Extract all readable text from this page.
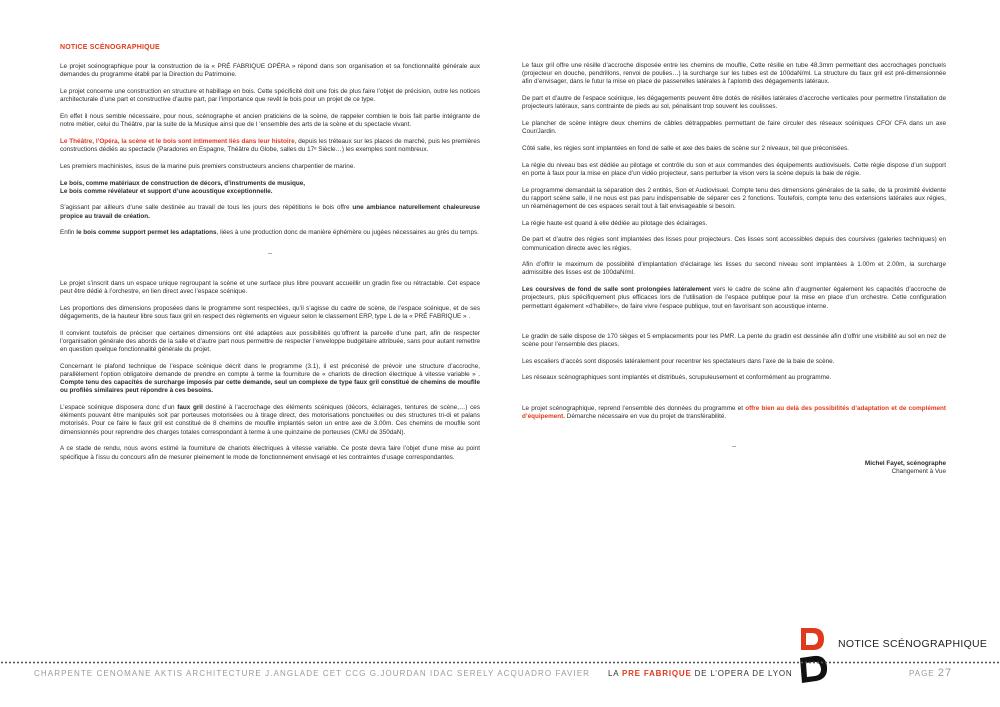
NOTICE SCÉNOGRAPHIQUE

Le projet scénographique pour la construction de la « PRÉ FABRIQUE OPÉRA » répond dans son organisation et sa fonctionnalité générale aux demandes du programme établi par la Direction du Patrimoine.

Le projet concerne une construction en structure et habillage en bois. Cette spécificité doit une fois de plus faire l’objet de précision, outre les notices architecturale d’une part et constructive d’autre part, par l’importance que revêt le bois pour un projet de ce type.

En effet il nous semble nécessaire, pour nous, scénographe et ancien praticiens de la scène, de rappeler combien le bois fait partie intégrante de notre métier, celui du Théâtre, par la suite de la Musique ainsi que de l ’ensemble des arts de la scène et du spectacle vivant.

Le Théâtre, l’Opéra, la scène et le bois sont intimement liés dans leur histoire, depuis les tréteaux sur les places de marché, puis les premières constructions dédiés au spectacle (Paradores en Espagne, Théâtre du Globe, salles du 17ᵉ Siècle…) les exemples sont nombreux.

Les premiers machinistes, issus de la marine puis premiers constructeurs anciens charpentier de marine.

Le bois, comme matériaux de construction de décors, d’instruments de musique,

Le bois comme révélateur et support d’une acoustique exceptionnelle.

S’agissant par ailleurs d’une salle destinée au travail de tous les jours des répétitions le bois offre une ambiance naturellement chaleureuse propice au travail de création.

Enfin le bois comme support permet les adaptations, liées à une production donc de manière éphémère ou jugées nécessaires au grès du temps.

--

Le projet s’inscrit dans un espace unique regroupant la scène et une surface plus libre pouvant accueillir un gradin fixe ou rétractable. Cet espace peut être dédié à l’orchestre, en lien direct avec l’espace scénique.

Les proportions des dimensions proposées dans le programme sont respectées, qu’il s’agisse du cadre de scène, de l’espace scénique, et de ses dégagements, de la hauteur libre sous faux gril en respect des règlements en vigueur selon le classement ERP, type L de la « PRÉ FABRIQUE » .

Il convient toutefois de préciser que certaines dimensions ont été adaptées aux possibilités qu’offrent la parcelle d’une part, afin de respecter l’organisation générale des abords de la salle et d’autre part nous permettre de respecter l’enveloppe budgétaire attribuée, sans pour autant remettre en question quelque fonctionnalité générale du projet.

Concernant le plafond technique de l’espace scénique décrit dans le programme (3.1), il est préconisé de prévoir une structure d’accroche, parallèlement l’option obligatoire demande de prendre en compte à terme la fourniture de « chariots de direction électrique à vitesse variable » . Compte tenu des capacités de surcharge imposés par cette demande, seul un complexe de type faux gril constitué de chemins de mouflle ou profilés similaires peut répondre à ces besoins.

L’espace scénique disposera donc d’un faux gril destiné à l’accrochage des éléments scéniques (décors, éclairages, tentures de scène,…) ces éléments pouvant être manipulés soit par porteuses motorisées ou à tirage direct, des motorisations ponctuelles ou des structures tri-di et palans motorisés. Pour ce faire le faux gril est constitué de 8 chemins de mouflle implantés selon un entre axe de 3.00m. Ces chemins de mouflle sont dimensionnés pour reprendre des charges totales correspondant à terme à une quinzaine de porteuses (CMU de 350daN).

A ce stade de rendu, nous avons estimé la fourniture de chariots électriques à vitesse variable. Ce poste devra faire l’objet d’une mise au point spécifique à l’issu du concours afin de mesurer pleinement le mode de fonctionnement envisagé et les contraintes d’usage correspondantes.

Le faux gril offre une résille d’accroche disposée entre les chemins de mouflle, Cette résille en tube 48.3mm permettant des accrochages ponctuels (projecteur en douche, pendrillons, renvoi de poulies…) la surcharge sur les tubes est de 100daN/ml. La structure du faux gril est pré-dimensionnée afin d’envisager, dans le futur la mise en place de passerelles latérales à l’aplomb des dégagements latéraux.

De part et d’autre de l’espace scénique, les dégagements peuvent être dotés de résilles latérales d’accroche verticales pour permettre l’installation de projecteurs latéraux, sans contrainte de pieds au sol, pénalisant trop souvent les coulisses.

Le plancher de scène intègre deux chemins de câbles détrappables permettant de faire circuler des réseaux scéniques CFO/ CFA dans un axe Cour/Jardin.

Côté salle, les régies sont implantées en fond de salle et axe des baies de scène sur 2 niveaux, tel que préconisées.

La régie du niveau bas est dédiée au pilotage et contrôle du son et aux commandes des équipements audiovisuels. Cette régie dispose d’un support en porte à faux pour la mise en place d’un vidéo projecteur, sans perturber la vison vers la scène depuis la baie de régie.

Le programme demandait la séparation des 2 entités, Son et Audiovisuel. Compte tenu des dimensions générales de la salle, de la proximité évidente du rapport scène salle, il ne nous est pas paru indispensable de séparer ces 2 fonctions. Toutefois, compte tenu des extensions latérales aux régies, un réaménagement de ces espaces serait tout à fait envisageable si besoin.

La régie haute est quand à elle dédiée au pilotage des éclairages.

De part et d’autre des régies sont implantées des lisses pour projecteurs. Ces lisses sont accessibles depuis des coursives (galeries techniques) en communication directe avec les régies.

Afin d’offrir le maximum de possibilité d’implantation d’éclairage les lisses du second niveau sont implantées à 1.00m et 2.00m, la surcharge admissible des lisses est de 100daN/ml.

Les coursives de fond de salle sont prolongées latéralement vers le cadre de scène afin d’augmenter également les capacités d’accroche de projecteurs, plus spécifiquement plus efficaces lors de l’utilisation de l’espace publique pour la mise en place d’un orchestre. Cette configuration permettant également «d’habiller», de faire vivre l’espace publique, tout en favorisant son acoustique interne.

Le gradin de salle dispose de 170 sièges et 5 emplacements pour les PMR. La pente du gradin est dessinée afin d’offrir une visibilité au sol en nez de scène pour l’ensemble des places.

Les escaliers d’accès sont disposés latéralement pour recentrer les spectateurs dans l’axe de la baie de scène.

Les réseaux scénographiques sont implantés et distribués, scrupuleusement et conformément au programme.

Le projet scénographique, reprend l’ensemble des données du programme et offre bien au delà des possibilités d’adaptation et de complément d’équipement. Démarche nécessaire en vue du projet de transférabilité.

--

Michel Fayet, scénographe

Changement à Vue

NOTICE SCÉNOGRAPHIQUE
CHARPENTE CENOMANE AKTIS ARCHITECTURE J.ANGLADE CET CCG G.JOURDAN IDAC SERELY ACQUADRO FAVIER LA PRE FABRIQUE DE L’OPERA DE LYON	PAGE 27
